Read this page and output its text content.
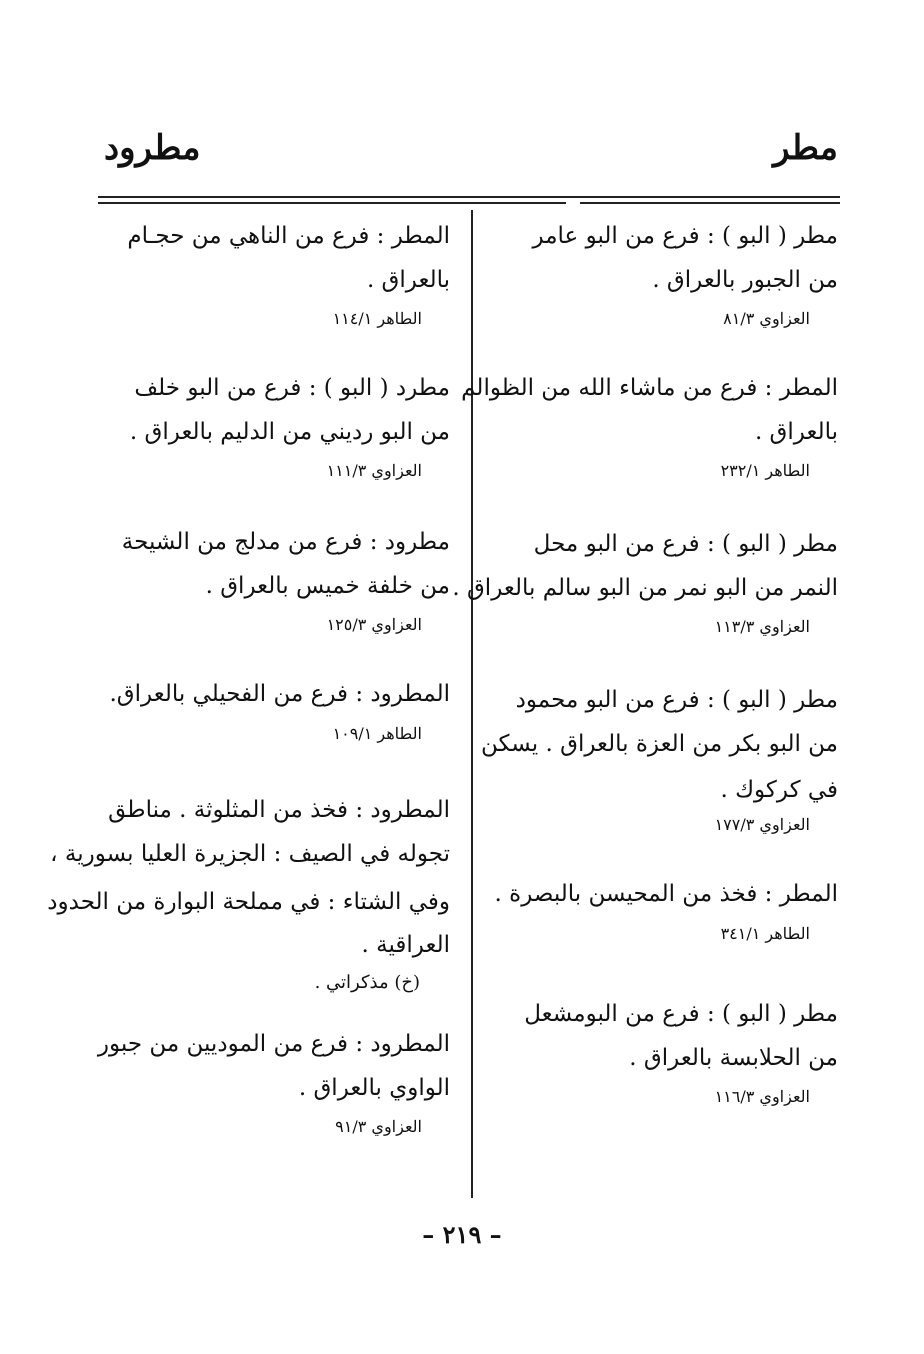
مطر
مطرود
مطر ( البو ) : فرع من البو عامر
من الجبور بالعراق .
العزاوي ٨١/٣
المطر : فرع من ماشاء الله من الظوالم
بالعراق .
الطاهر ٢٣٢/١
مطر ( البو ) : فرع من البو محل
النمر من البو نمر من البو سالم بالعراق .
العزاوي ١١٣/٣
مطر ( البو ) : فرع من البو محمود
من البو بكر من العزة بالعراق . يسكن
في كركوك .
العزاوي ١٧٧/٣
المطر : فخذ من المحيسن بالبصرة .
الطاهر ٣٤١/١
مطر ( البو ) : فرع من البومشعل
من الحلابسة بالعراق .
العزاوي ١١٦/٣
المطر : فرع من الناهي من حجـام
بالعراق .
الطاهر ١١٤/١
مطرد ( البو ) : فرع من البو خلف
من البو رديني من الدليم بالعراق .
العزاوي ١١١/٣
مطرود : فرع من مدلج من الشيحة
من خلفة خميس بالعراق .
العزاوي ١٢٥/٣
المطرود : فرع من الفحيلي بالعراق.
الطاهر ١٠٩/١
المطرود : فخذ من المثلوثة . مناطق
تجوله في الصيف : الجزيرة العليا بسورية ،
وفي الشتاء : في مملحة البوارة من الحدود
العراقية .
(خ) مذكراتي .
المطرود : فرع من الموديين من جبور
الواوي بالعراق .
العزاوي ٩١/٣
– ٢١٩ –
